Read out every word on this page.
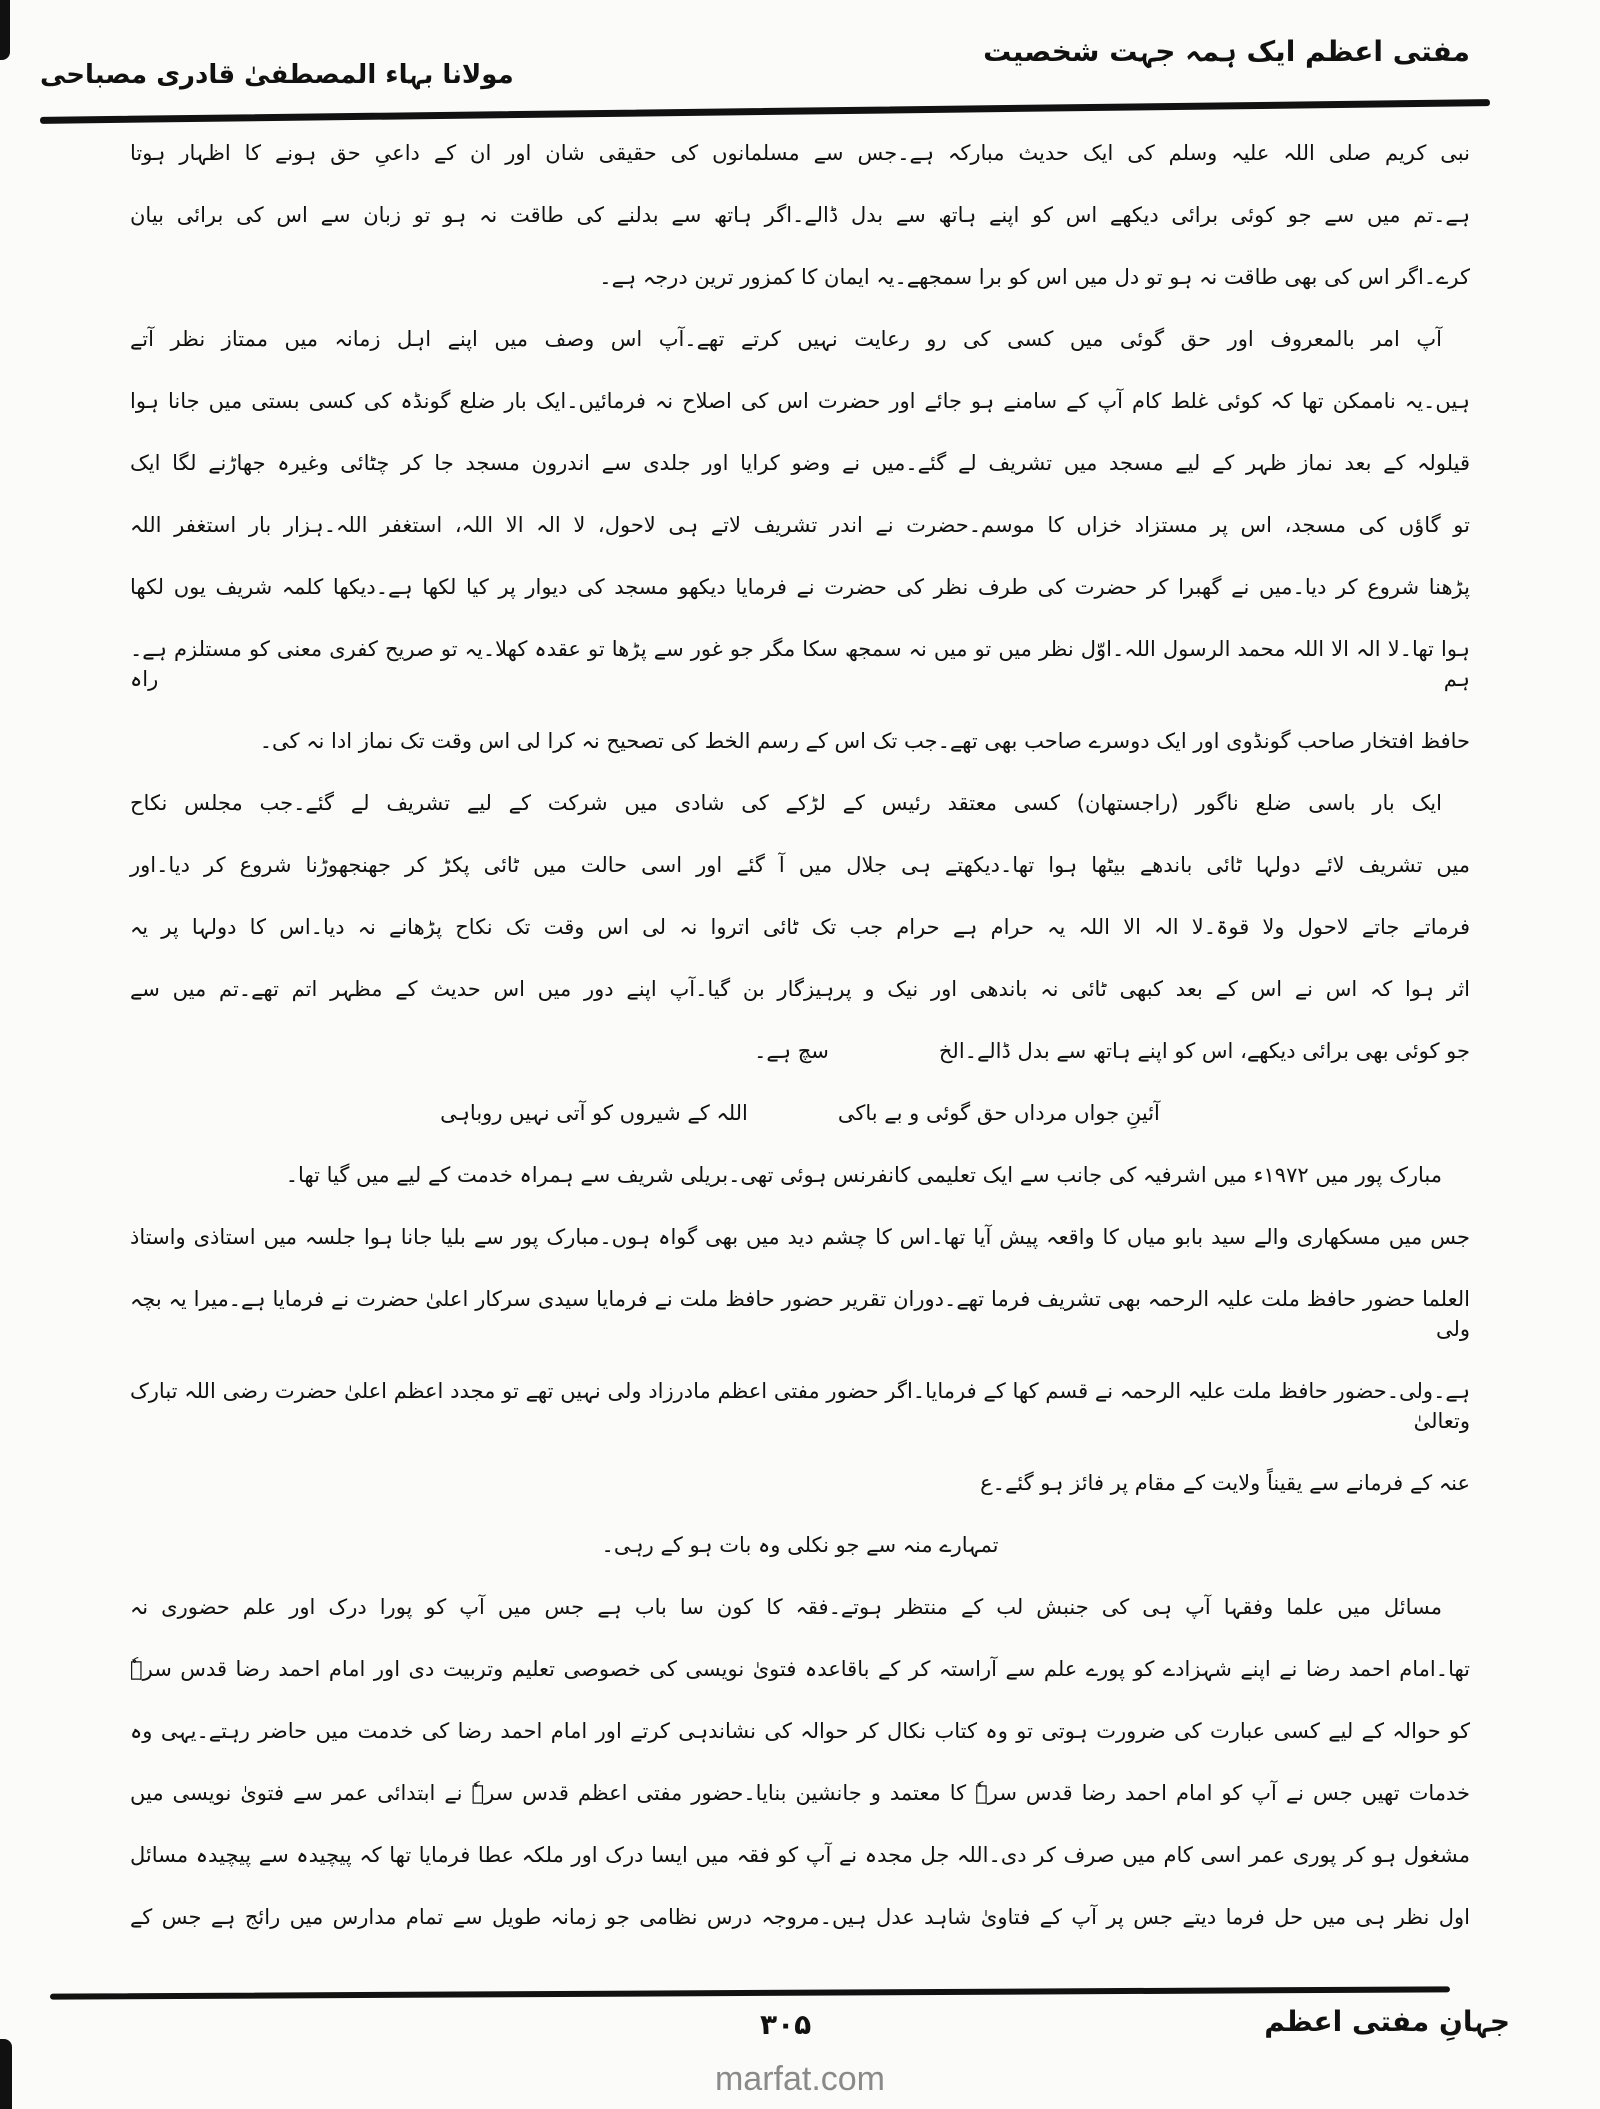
مفتی اعظم ایک ہمہ جہت شخصیت
مولانا بہاء المصطفیٰ قادری مصباحی
نبی کریم صلی اللہ علیہ وسلم کی ایک حدیث مبارکہ ہے۔جس سے مسلمانوں کی حقیقی شان اور ان کے داعیِ حق ہونے کا اظہار ہوتا
ہے۔تم میں سے جو کوئی برائی دیکھے اس کو اپنے ہاتھ سے بدل ڈالے۔اگر ہاتھ سے بدلنے کی طاقت نہ ہو تو زبان سے اس کی برائی بیان
کرے۔اگر اس کی بھی طاقت نہ ہو تو دل میں اس کو برا سمجھے۔یہ ایمان کا کمزور ترین درجہ ہے۔
آپ امر بالمعروف اور حق گوئی میں کسی کی رو رعایت نہیں کرتے تھے۔آپ اس وصف میں اپنے اہل زمانہ میں ممتاز نظر آتے
ہیں۔یہ ناممکن تھا کہ کوئی غلط کام آپ کے سامنے ہو جائے اور حضرت اس کی اصلاح نہ فرمائیں۔ایک بار ضلع گونڈہ کی کسی بستی میں جانا ہوا
قیلولہ کے بعد نماز ظہر کے لیے مسجد میں تشریف لے گئے۔میں نے وضو کرایا اور جلدی سے اندرون مسجد جا کر چٹائی وغیرہ جھاڑنے لگا ایک
تو گاؤں کی مسجد، اس پر مستزاد خزاں کا موسم۔حضرت نے اندر تشریف لاتے ہی لاحول، لا الہ الا اللہ، استغفر اللہ۔ہزار بار استغفر اللہ
پڑھنا شروع کر دیا۔میں نے گھبرا کر حضرت کی طرف نظر کی حضرت نے فرمایا دیکھو مسجد کی دیوار پر کیا لکھا ہے۔دیکھا کلمہ شریف یوں لکھا
ہوا تھا۔لا الہ الا اللہ محمد الرسول اللہ۔اوّل نظر میں تو میں نہ سمجھ سکا مگر جو غور سے پڑھا تو عقدہ کھلا۔یہ تو صریح کفری معنی کو مستلزم ہے۔ہم راہ
حافظ افتخار صاحب گونڈوی اور ایک دوسرے صاحب بھی تھے۔جب تک اس کے رسم الخط کی تصحیح نہ کرا لی اس وقت تک نماز ادا نہ کی۔
ایک بار باسی ضلع ناگور (راجستھان) کسی معتقد رئیس کے لڑکے کی شادی میں شرکت کے لیے تشریف لے گئے۔جب مجلس نکاح
میں تشریف لائے دولہا ٹائی باندھے بیٹھا ہوا تھا۔دیکھتے ہی جلال میں آ گئے اور اسی حالت میں ٹائی پکڑ کر جھنجھوڑنا شروع کر دیا۔اور
فرماتے جاتے لاحول ولا قوۃ۔لا الہ الا اللہ یہ حرام ہے حرام جب تک ٹائی اتروا نہ لی اس وقت تک نکاح پڑھانے نہ دیا۔اس کا دولہا پر یہ
اثر ہوا کہ اس نے اس کے بعد کبھی ٹائی نہ باندھی اور نیک و پرہیزگار بن گیا۔آپ اپنے دور میں اس حدیث کے مظہر اتم تھے۔تم میں سے
جو کوئی بھی برائی دیکھے، اس کو اپنے ہاتھ سے بدل ڈالے۔الخسچ ہے۔
آئینِ جواں مرداں حق گوئی و بے باکی
اللہ کے شیروں کو آتی نہیں روباہی
مبارک پور میں ۱۹۷۲ء میں اشرفیہ کی جانب سے ایک تعلیمی کانفرنس ہوئی تھی۔بریلی شریف سے ہمراہ خدمت کے لیے میں گیا تھا۔
جس میں مسکھاری والے سید بابو میاں کا واقعہ پیش آیا تھا۔اس کا چشم دید میں بھی گواہ ہوں۔مبارک پور سے بلیا جانا ہوا جلسہ میں استاذی واستاذ
العلما حضور حافظ ملت علیہ الرحمہ بھی تشریف فرما تھے۔دوران تقریر حضور حافظ ملت نے فرمایا سیدی سرکار اعلیٰ حضرت نے فرمایا ہے۔میرا یہ بچہ ولی
ہے۔ولی۔حضور حافظ ملت علیہ الرحمہ نے قسم کھا کے فرمایا۔اگر حضور مفتی اعظم مادرزاد ولی نہیں تھے تو مجدد اعظم اعلیٰ حضرت رضی اللہ تبارک وتعالیٰ
عنہ کے فرمانے سے یقیناً ولایت کے مقام پر فائز ہو گئے۔ع
تمہارے منہ سے جو نکلی وہ بات ہو کے رہی۔
مسائل میں علما وفقہا آپ ہی کی جنبش لب کے منتظر ہوتے۔فقہ کا کون سا باب ہے جس میں آپ کو پورا درک اور علم حضوری نہ
تھا۔امام احمد رضا نے اپنے شہزادے کو پورے علم سے آراستہ کر کے باقاعدہ فتویٰ نویسی کی خصوصی تعلیم وتربیت دی اور امام احمد رضا قدس سرہٗ
کو حوالہ کے لیے کسی عبارت کی ضرورت ہوتی تو وہ کتاب نکال کر حوالہ کی نشاندہی کرتے اور امام احمد رضا کی خدمت میں حاضر رہتے۔یہی وہ
خدمات تھیں جس نے آپ کو امام احمد رضا قدس سرہٗ کا معتمد و جانشین بنایا۔حضور مفتی اعظم قدس سرہٗ نے ابتدائی عمر سے فتویٰ نویسی میں
مشغول ہو کر پوری عمر اسی کام میں صرف کر دی۔اللہ جل مجدہ نے آپ کو فقہ میں ایسا درک اور ملکہ عطا فرمایا تھا کہ پیچیدہ سے پیچیدہ مسائل
اول نظر ہی میں حل فرما دیتے جس پر آپ کے فتاویٰ شاہد عدل ہیں۔مروجہ درس نظامی جو زمانہ طویل سے تمام مدارس میں رائج ہے جس کے
جہانِ مفتی اعظم
۳۰۵
marfat.com
